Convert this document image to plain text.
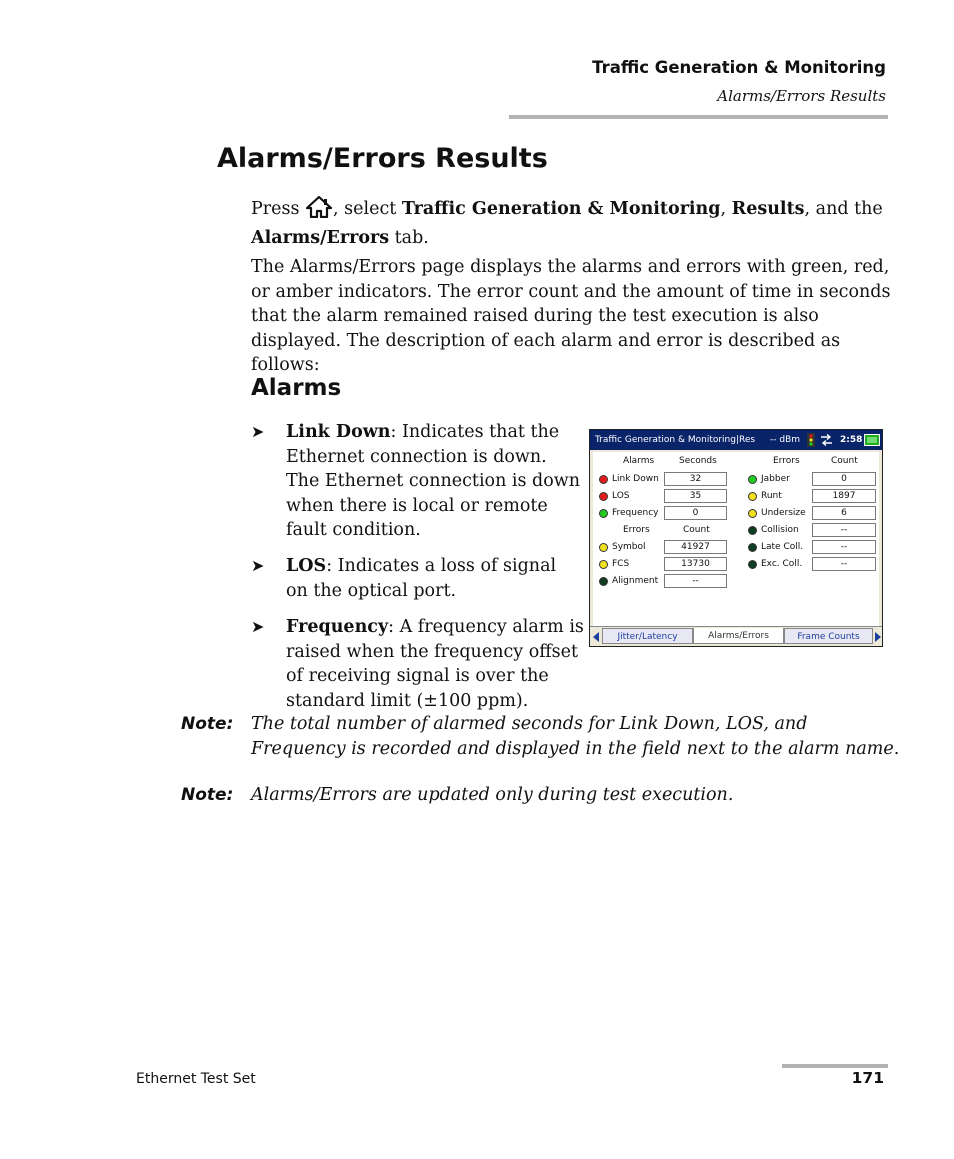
Traffic Generation & Monitoring
Alarms/Errors Results
Alarms/Errors Results
Press , select Traffic Generation & Monitoring, Results, and the Alarms/Errors tab.
The Alarms/Errors page displays the alarms and errors with green, red, or amber indicators. The error count and the amount of time in seconds that the alarm remained raised during the test execution is also displayed. The description of each alarm and error is described as follows:
Alarms
➤ Link Down: Indicates that the Ethernet connection is down. The Ethernet connection is down when there is local or remote fault condition.
➤ LOS: Indicates a loss of signal on the optical port.
➤ Frequency: A frequency alarm is raised when the frequency offset of receiving signal is over the standard limit (±100 ppm).
Traffic Generation & Monitoring|Res -- dBm	2:58
Alarms	Seconds
Link Down	32
LOS	35
Frequency	0
Errors	Count
Symbol	41927
FCS	13730
Alignment	--
Errors	Count
Jabber	0
Runt	1897
Undersize	6
Collision	--
Late Coll.	--
Exc. Coll.	--
Jitter/Latency	Alarms/Errors	Frame Counts
Note: The total number of alarmed seconds for Link Down, LOS, and Frequency is recorded and displayed in the field next to the alarm name.
Note: Alarms/Errors are updated only during test execution.
Ethernet Test Set	171
